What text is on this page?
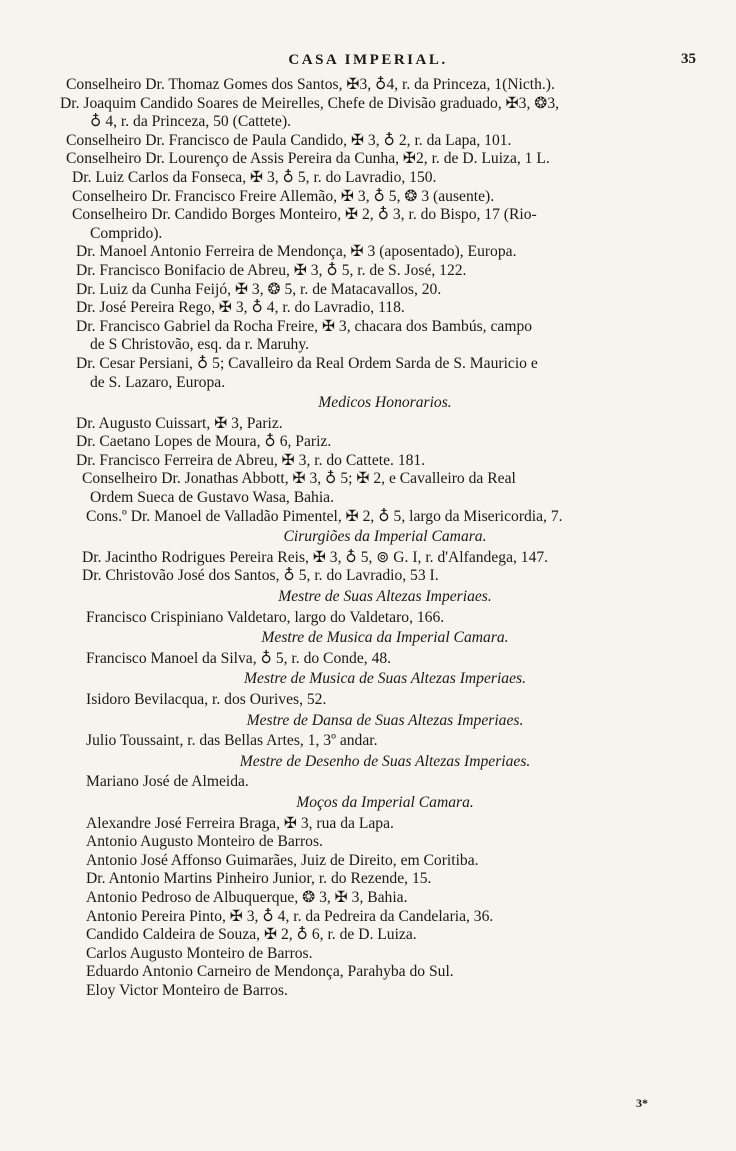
CASA IMPERIAL.	35
Conselheiro Dr. Thomaz Gomes dos Santos, ✠3, ♁4, r. da Princeza, 1(Nicth.).
Dr. Joaquim Candido Soares de Meirelles, Chefe de Divisão graduado, ✠3, ❂3,
♁ 4, r. da Princeza, 50 (Cattete).
Conselheiro Dr. Francisco de Paula Candido, ✠ 3, ♁ 2, r. da Lapa, 101.
Conselheiro Dr. Lourenço de Assis Pereira da Cunha, ✠2, r. de D. Luiza, 1 L.
Dr. Luiz Carlos da Fonseca, ✠ 3, ♁ 5, r. do Lavradio, 150.
Conselheiro Dr. Francisco Freire Allemão, ✠ 3, ♁ 5, ❂ 3 (ausente).
Conselheiro Dr. Candido Borges Monteiro, ✠ 2, ♁ 3, r. do Bispo, 17 (Rio-
Comprido).
Dr. Manoel Antonio Ferreira de Mendonça, ✠ 3 (aposentado), Europa.
Dr. Francisco Bonifacio de Abreu, ✠ 3, ♁ 5, r. de S. José, 122.
Dr. Luiz da Cunha Feijó, ✠ 3, ❂ 5, r. de Matacavallos, 20.
Dr. José Pereira Rego, ✠ 3, ♁ 4, r. do Lavradio, 118.
Dr. Francisco Gabriel da Rocha Freire, ✠ 3, chacara dos Bambús, campo
de S Christovão, esq. da r. Maruhy.
Dr. Cesar Persiani, ♁ 5; Cavalleiro da Real Ordem Sarda de S. Mauricio e
de S. Lazaro, Europa.
Medicos Honorarios.
Dr. Augusto Cuissart, ✠ 3, Pariz.
Dr. Caetano Lopes de Moura, ♁ 6, Pariz.
Dr. Francisco Ferreira de Abreu, ✠ 3, r. do Cattete. 181.
Conselheiro Dr. Jonathas Abbott, ✠ 3, ♁ 5; ✠ 2, e Cavalleiro da Real
Ordem Sueca de Gustavo Wasa, Bahia.
Cons.º Dr. Manoel de Valladão Pimentel, ✠ 2, ♁ 5, largo da Misericordia, 7.
Cirurgiões da Imperial Camara.
Dr. Jacintho Rodrigues Pereira Reis, ✠ 3, ♁ 5, ⊚ G. I, r. d'Alfandega, 147.
Dr. Christovão José dos Santos, ♁ 5, r. do Lavradio, 53 I.
Mestre de Suas Altezas Imperiaes.
Francisco Crispiniano Valdetaro, largo do Valdetaro, 166.
Mestre de Musica da Imperial Camara.
Francisco Manoel da Silva, ♁ 5, r. do Conde, 48.
Mestre de Musica de Suas Altezas Imperiaes.
Isidoro Bevilacqua, r. dos Ourives, 52.
Mestre de Dansa de Suas Altezas Imperiaes.
Julio Toussaint, r. das Bellas Artes, 1, 3º andar.
Mestre de Desenho de Suas Altezas Imperiaes.
Mariano José de Almeida.
Moços da Imperial Camara.
Alexandre José Ferreira Braga, ✠ 3, rua da Lapa.
Antonio Augusto Monteiro de Barros.
Antonio José Affonso Guimarães, Juiz de Direito, em Coritiba.
Dr. Antonio Martins Pinheiro Junior, r. do Rezende, 15.
Antonio Pedroso de Albuquerque, ❂ 3, ✠ 3, Bahia.
Antonio Pereira Pinto, ✠ 3, ♁ 4, r. da Pedreira da Candelaria, 36.
Candido Caldeira de Souza, ✠ 2, ♁ 6, r. de D. Luiza.
Carlos Augusto Monteiro de Barros.
Eduardo Antonio Carneiro de Mendonça, Parahyba do Sul.
Eloy Victor Monteiro de Barros.
3*
